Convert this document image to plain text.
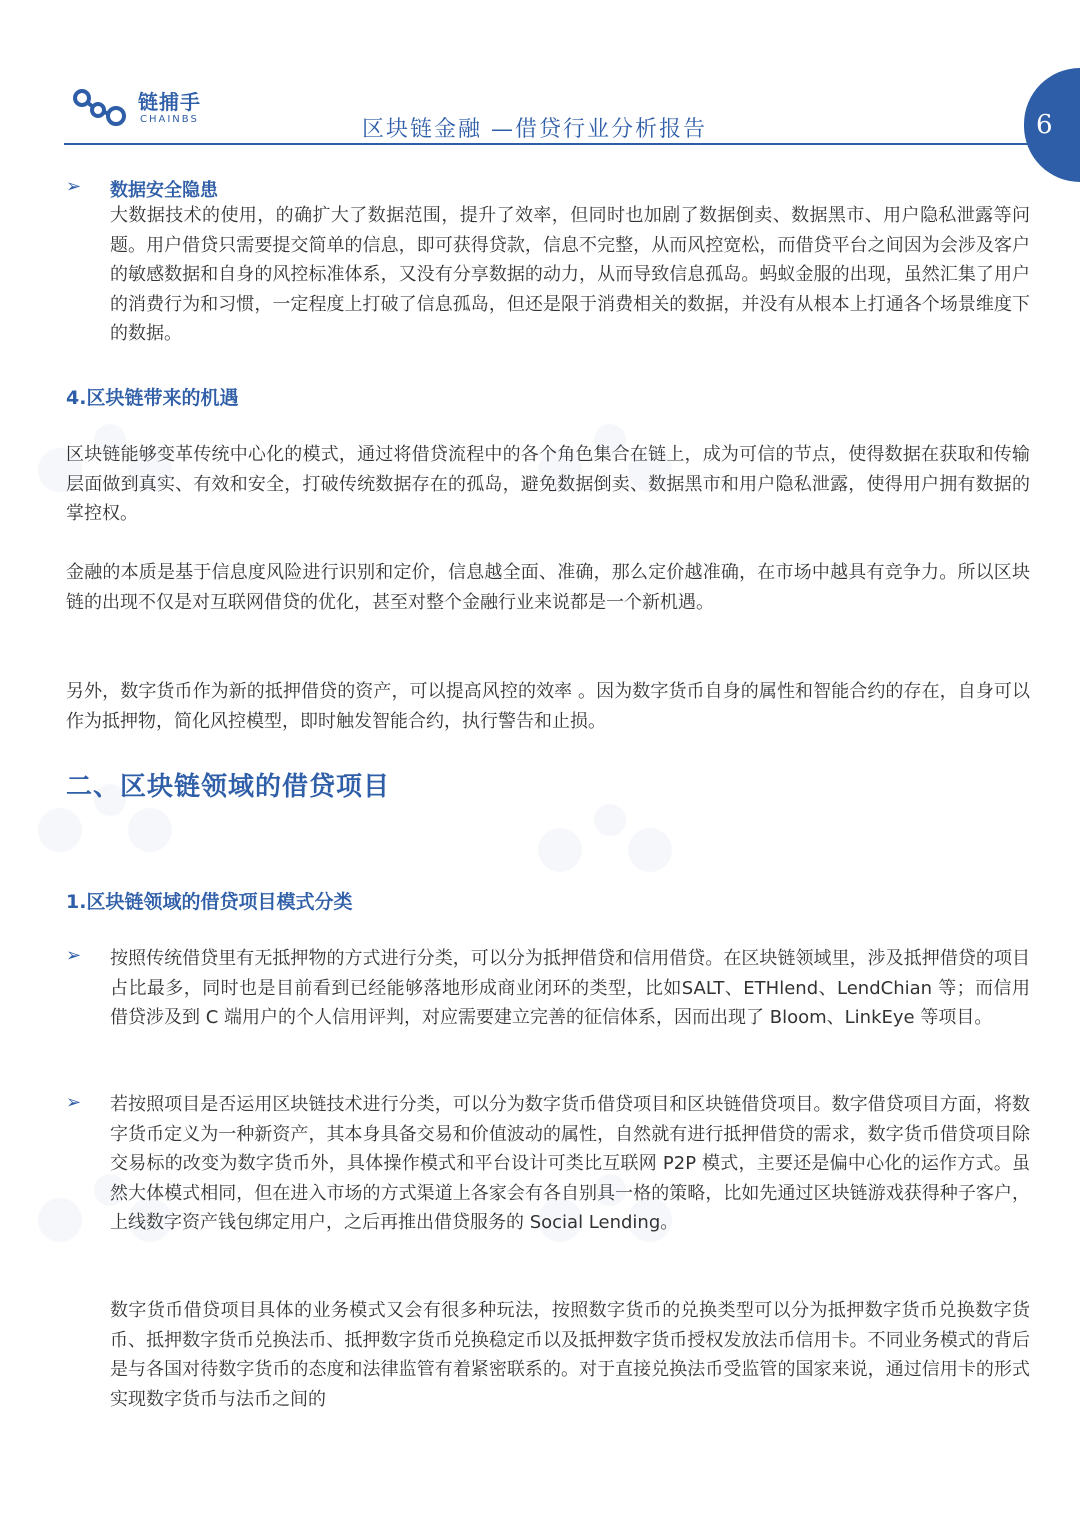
链捕手
CHAINBS	区块链金融 —借贷行业分析报告	6
➢ 数据安全隐患
大数据技术的使用，的确扩大了数据范围，提升了效率，但同时也加剧了数据倒卖、数据黑市、用户隐私泄露等问题。用户借贷只需要提交简单的信息，即可获得贷款，信息不完整，从而风控宽松，而借贷平台之间因为会涉及客户的敏感数据和自身的风控标准体系，又没有分享数据的动力，从而导致信息孤岛。蚂蚁金服的出现，虽然汇集了用户的消费行为和习惯，一定程度上打破了信息孤岛，但还是限于消费相关的数据，并没有从根本上打通各个场景维度下的数据。
4.区块链带来的机遇
区块链能够变革传统中心化的模式，通过将借贷流程中的各个角色集合在链上，成为可信的节点，使得数据在获取和传输层面做到真实、有效和安全，打破传统数据存在的孤岛，避免数据倒卖、数据黑市和用户隐私泄露，使得用户拥有数据的掌控权。
金融的本质是基于信息度风险进行识别和定价，信息越全面、准确，那么定价越准确，在市场中越具有竞争力。所以区块链的出现不仅是对互联网借贷的优化，甚至对整个金融行业来说都是一个新机遇。
另外，数字货币作为新的抵押借贷的资产，可以提高风控的效率 。因为数字货币自身的属性和智能合约的存在，自身可以作为抵押物，简化风控模型，即时触发智能合约，执行警告和止损。
二、区块链领域的借贷项目
1.区块链领域的借贷项目模式分类
➢ 按照传统借贷里有无抵押物的方式进行分类，可以分为抵押借贷和信用借贷。在区块链领域里，涉及抵押借贷的项目占比最多，同时也是目前看到已经能够落地形成商业闭环的类型，比如SALT、ETHlend、LendChian 等；而信用借贷涉及到 C 端用户的个人信用评判，对应需要建立完善的征信体系，因而出现了 Bloom、LinkEye 等项目。
➢ 若按照项目是否运用区块链技术进行分类，可以分为数字货币借贷项目和区块链借贷项目。数字借贷项目方面，将数字货币定义为一种新资产，其本身具备交易和价值波动的属性，自然就有进行抵押借贷的需求，数字货币借贷项目除交易标的改变为数字货币外，具体操作模式和平台设计可类比互联网 P2P 模式，主要还是偏中心化的运作方式。虽然大体模式相同，但在进入市场的方式渠道上各家会有各自别具一格的策略，比如先通过区块链游戏获得种子客户，上线数字资产钱包绑定用户，之后再推出借贷服务的 Social Lending。
数字货币借贷项目具体的业务模式又会有很多种玩法，按照数字货币的兑换类型可以分为抵押数字货币兑换数字货币、抵押数字货币兑换法币、抵押数字货币兑换稳定币以及抵押数字货币授权发放法币信用卡。不同业务模式的背后是与各国对待数字货币的态度和法律监管有着紧密联系的。对于直接兑换法币受监管的国家来说，通过信用卡的形式实现数字货币与法币之间的
